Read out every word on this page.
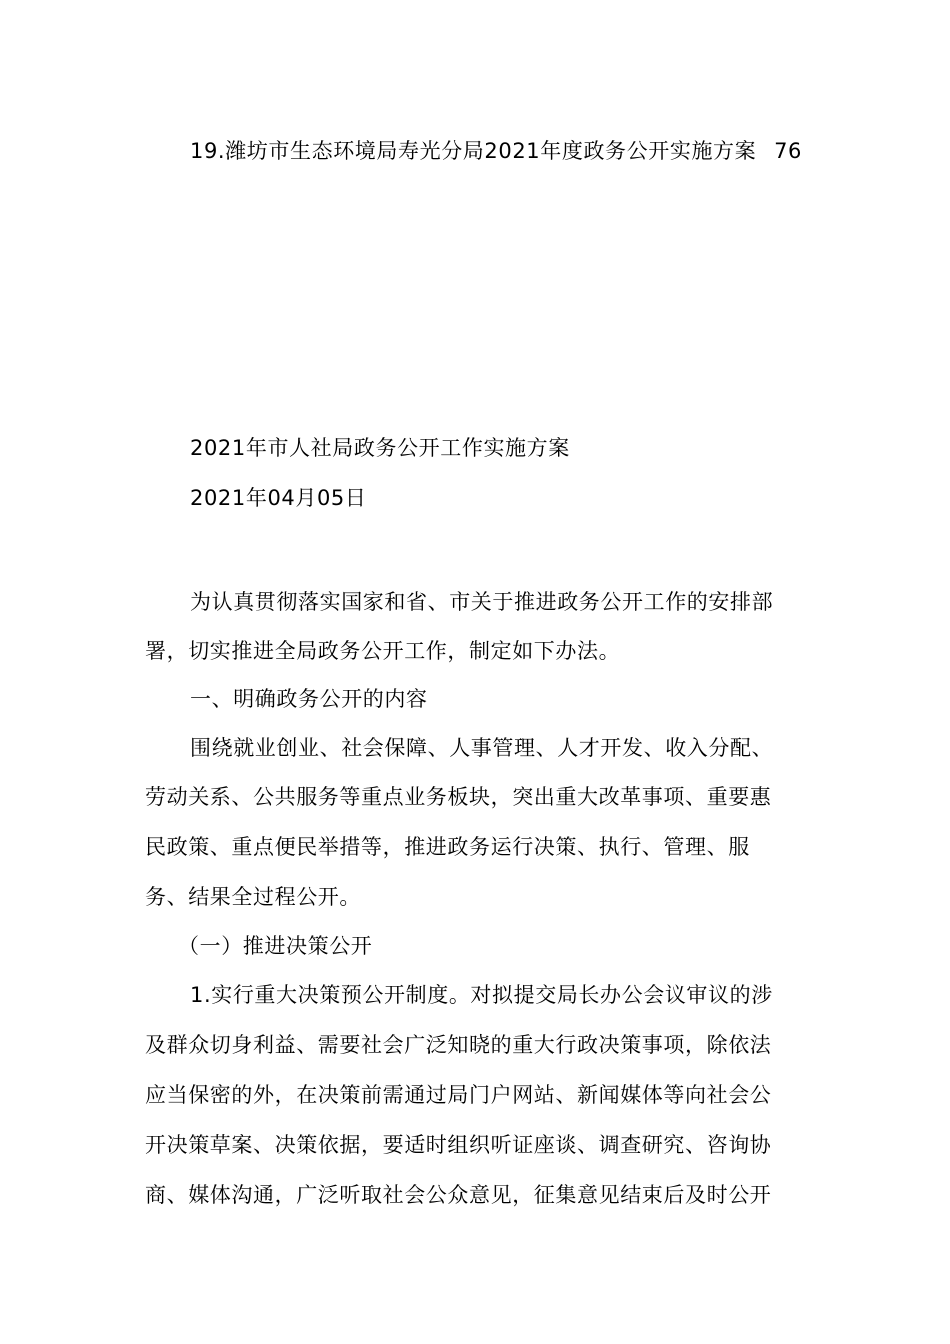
19.潍坊市生态环境局寿光分局2021年度政务公开实施方案 76
2021年市人社局政务公开工作实施方案
2021年04月05日
为认真贯彻落实国家和省、市关于推进政务公开工作的安排部
署，切实推进全局政务公开工作，制定如下办法。
一、明确政务公开的内容
围绕就业创业、社会保障、人事管理、人才开发、收入分配、
劳动关系、公共服务等重点业务板块，突出重大改革事项、重要惠
民政策、重点便民举措等，推进政务运行决策、执行、管理、服
务、结果全过程公开。
（一）推进决策公开
1.实行重大决策预公开制度。对拟提交局长办公会议审议的涉
及群众切身利益、需要社会广泛知晓的重大行政决策事项，除依法
应当保密的外，在决策前需通过局门户网站、新闻媒体等向社会公
开决策草案、决策依据，要适时组织听证座谈、调查研究、咨询协
商、媒体沟通，广泛听取社会公众意见，征集意见结束后及时公开
